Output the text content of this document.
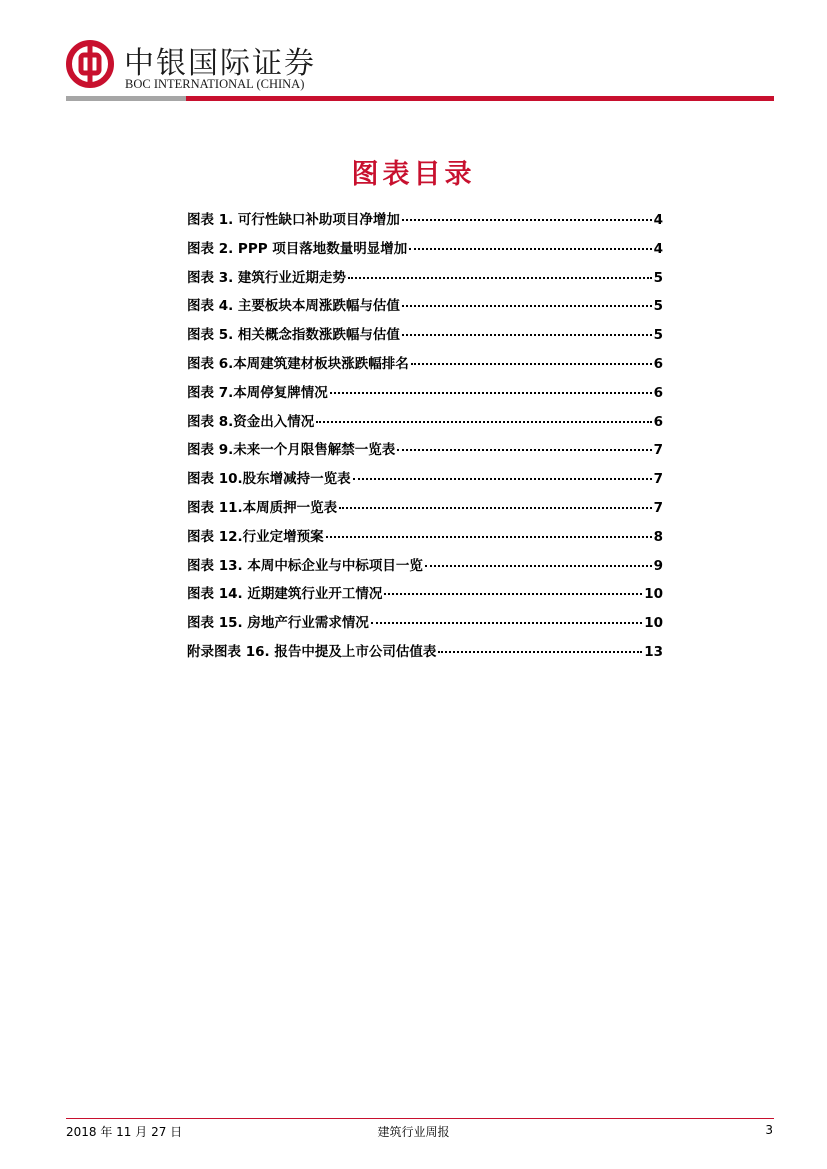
中银国际证券
BOC INTERNATIONAL (CHINA)
图表目录
图表 1. 可行性缺口补助项目净增加	4
图表 2. PPP 项目落地数量明显增加	4
图表 3. 建筑行业近期走势	5
图表 4. 主要板块本周涨跌幅与估值	5
图表 5. 相关概念指数涨跌幅与估值	5
图表 6.本周建筑建材板块涨跌幅排名	6
图表 7.本周停复牌情况	6
图表 8.资金出入情况	6
图表 9.未来一个月限售解禁一览表	7
图表 10.股东增减持一览表	7
图表 11.本周质押一览表	7
图表 12.行业定增预案	8
图表 13. 本周中标企业与中标项目一览	9
图表 14. 近期建筑行业开工情况	10
图表 15. 房地产行业需求情况	10
附录图表 16. 报告中提及上市公司估值表	13
2018 年 11 月 27 日	建筑行业周报	3
